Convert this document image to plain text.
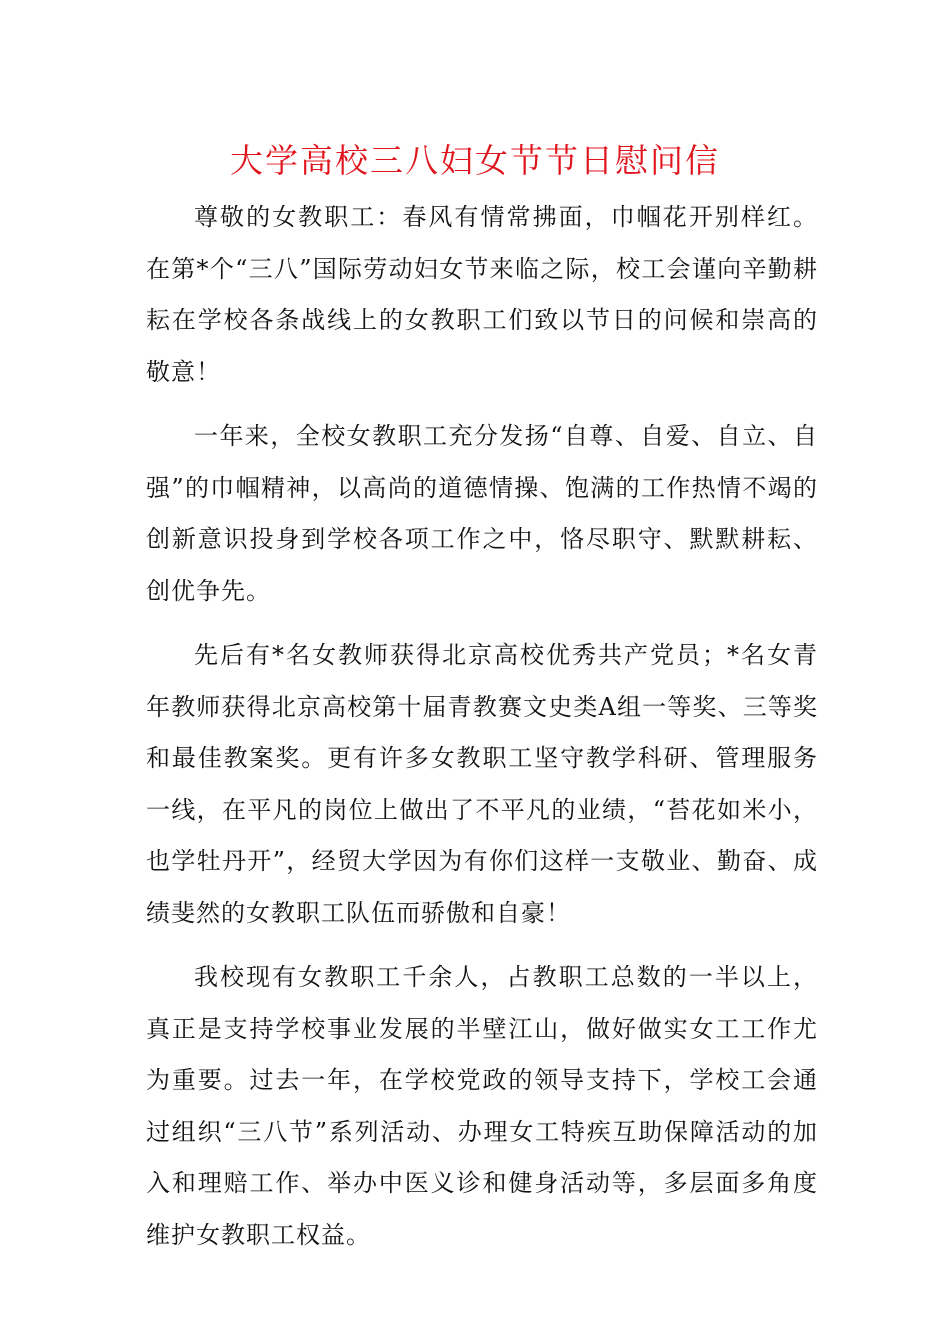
大学高校三八妇女节节日慰问信

尊敬的女教职工：春风有情常拂面，巾帼花开别样红。在第*个“三八”国际劳动妇女节来临之际，校工会谨向辛勤耕耘在学校各条战线上的女教职工们致以节日的问候和崇高的敬意！

一年来，全校女教职工充分发扬“自尊、自爱、自立、自强”的巾帼精神，以高尚的道德情操、饱满的工作热情不竭的创新意识投身到学校各项工作之中，恪尽职守、默默耕耘、创优争先。

先后有*名女教师获得北京高校优秀共产党员；*名女青年教师获得北京高校第十届青教赛文史类A组一等奖、三等奖和最佳教案奖。更有许多女教职工坚守教学科研、管理服务一线，在平凡的岗位上做出了不平凡的业绩，“苔花如米小，也学牡丹开”，经贸大学因为有你们这样一支敬业、勤奋、成绩斐然的女教职工队伍而骄傲和自豪！

我校现有女教职工千余人，占教职工总数的一半以上，真正是支持学校事业发展的半壁江山，做好做实女工工作尤为重要。过去一年，在学校党政的领导支持下，学校工会通过组织“三八节”系列活动、办理女工特疾互助保障活动的加入和理赔工作、举办中医义诊和健身活动等，多层面多角度维护女教职工权益。
